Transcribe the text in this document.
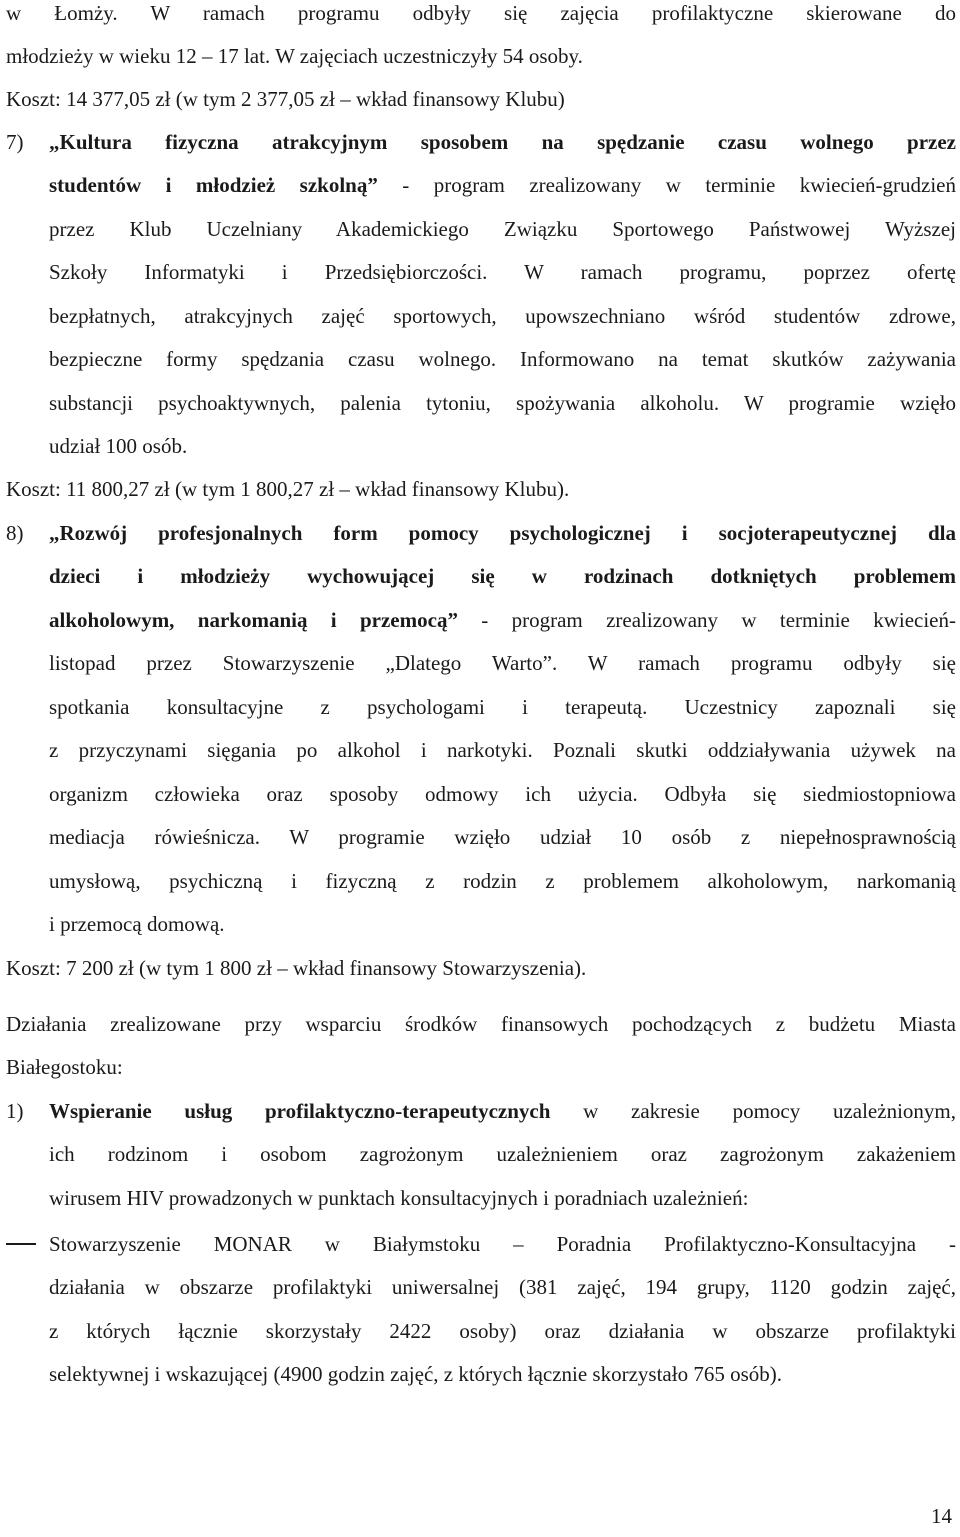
w Łomży. W ramach programu odbyły się zajęcia profilaktyczne skierowane do
młodzieży w wieku 12 – 17 lat. W zajęciach uczestniczyły 54 osoby.
Koszt: 14 377,05 zł (w tym 2 377,05 zł – wkład finansowy Klubu)
7) „Kultura fizyczna atrakcyjnym sposobem na spędzanie czasu wolnego przez
studentów i młodzież szkolną” - program zrealizowany w terminie kwiecień-grudzień
przez Klub Uczelniany Akademickiego Związku Sportowego Państwowej Wyższej
Szkoły Informatyki i Przedsiębiorczości. W ramach programu, poprzez ofertę
bezpłatnych, atrakcyjnych zajęć sportowych, upowszechniano wśród studentów zdrowe,
bezpieczne formy spędzania czasu wolnego. Informowano na temat skutków zażywania
substancji psychoaktywnych, palenia tytoniu, spożywania alkoholu. W programie wzięło
udział 100 osób.
Koszt: 11 800,27 zł (w tym 1 800,27 zł – wkład finansowy Klubu).
8) „Rozwój profesjonalnych form pomocy psychologicznej i socjoterapeutycznej dla
dzieci i młodzieży wychowującej się w rodzinach dotkniętych problemem
alkoholowym, narkomanią i przemocą” - program zrealizowany w terminie kwiecień-
listopad przez Stowarzyszenie „Dlatego Warto”. W ramach programu odbyły się
spotkania konsultacyjne z psychologami i terapeutą. Uczestnicy zapoznali się
z przyczynami sięgania po alkohol i narkotyki. Poznali skutki oddziaływania używek na
organizm człowieka oraz sposoby odmowy ich użycia. Odbyła się siedmiostopniowa
mediacja rówieśnicza. W programie wzięło udział 10 osób z niepełnosprawnością
umysłową, psychiczną i fizyczną z rodzin z problemem alkoholowym, narkomanią
i przemocą domową.
Koszt: 7 200 zł (w tym 1 800 zł – wkład finansowy Stowarzyszenia).
Działania zrealizowane przy wsparciu środków finansowych pochodzących z budżetu Miasta
Białegostoku:
1) Wspieranie usług profilaktyczno-terapeutycznych w zakresie pomocy uzależnionym,
ich rodzinom i osobom zagrożonym uzależnieniem oraz zagrożonym zakażeniem
wirusem HIV prowadzonych w punktach konsultacyjnych i poradniach uzależnień:
Stowarzyszenie MONAR w Białymstoku – Poradnia Profilaktyczno-Konsultacyjna -
działania w obszarze profilaktyki uniwersalnej (381 zajęć, 194 grupy, 1120 godzin zajęć,
z których łącznie skorzystały 2422 osoby) oraz działania w obszarze profilaktyki
selektywnej i wskazującej (4900 godzin zajęć, z których łącznie skorzystało 765 osób).
14
